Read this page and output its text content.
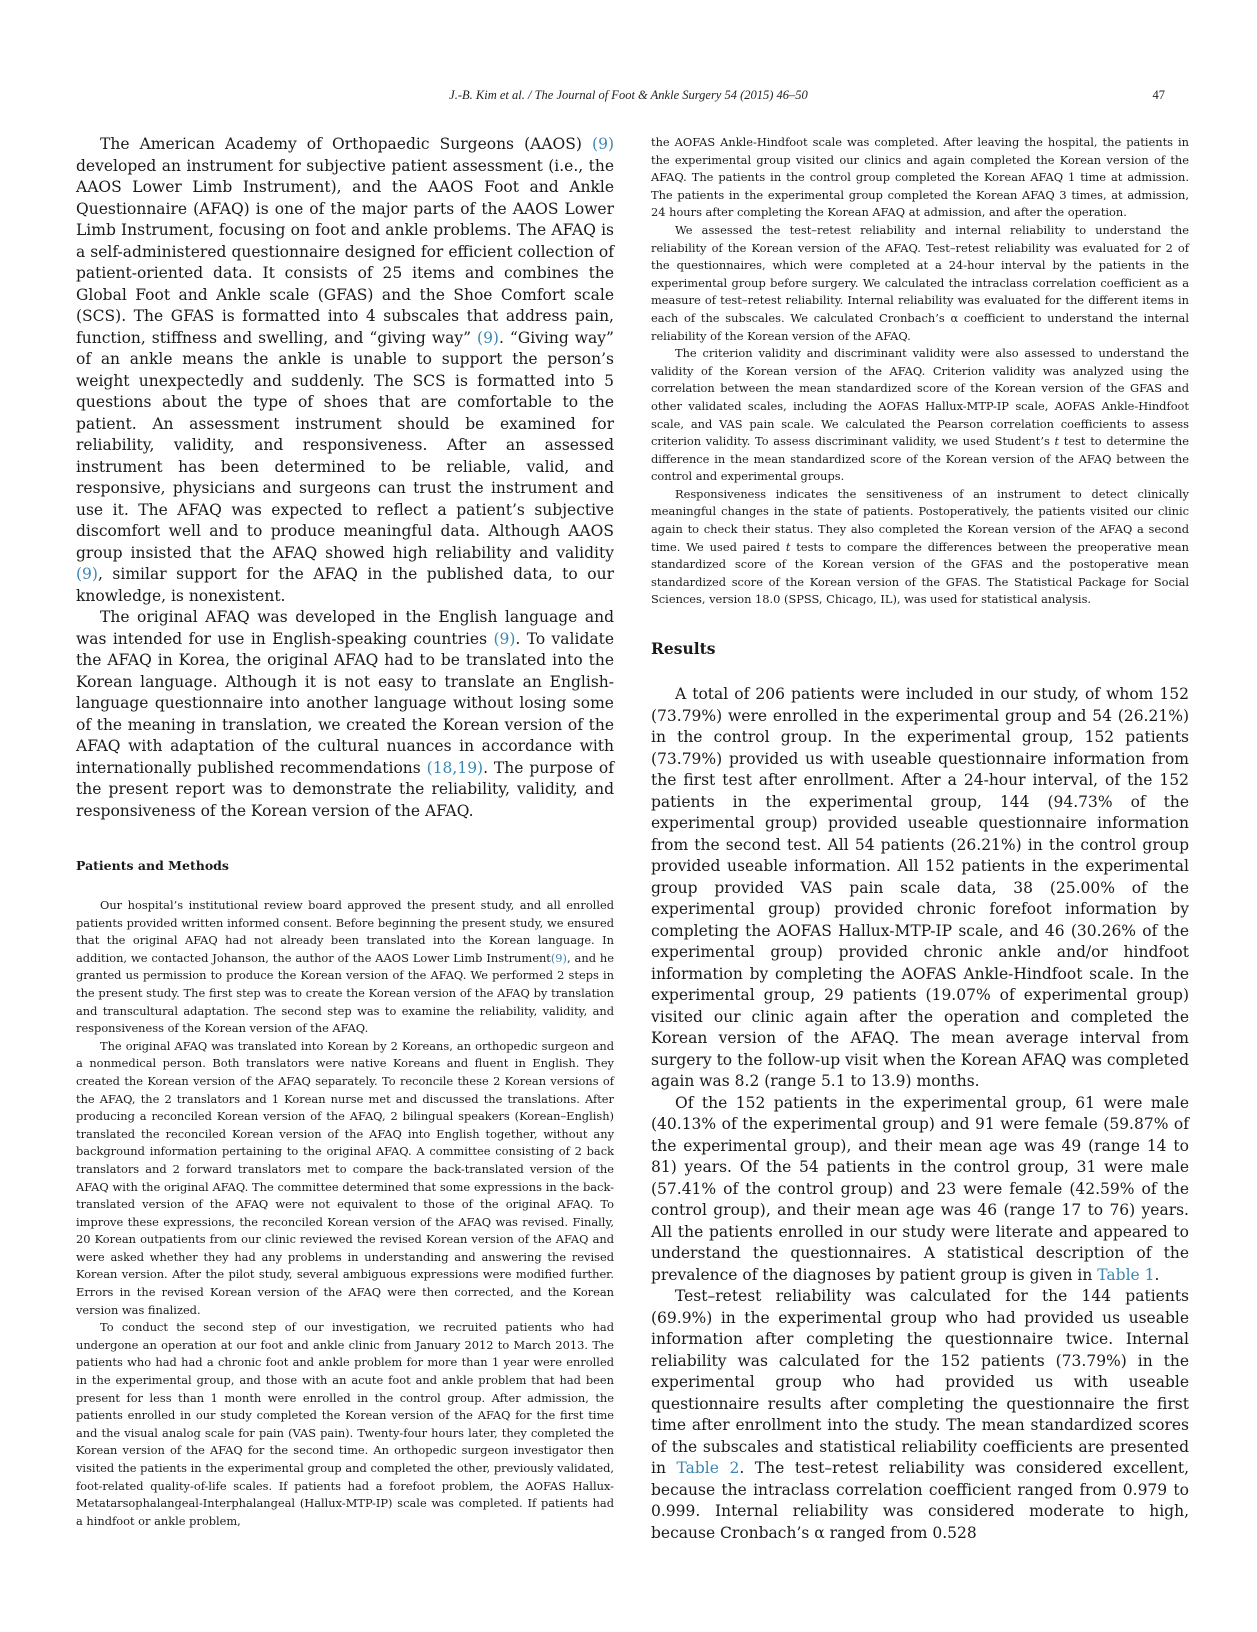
J.-B. Kim et al. / The Journal of Foot & Ankle Surgery 54 (2015) 46–50	47

The American Academy of Orthopaedic Surgeons (AAOS) (9) developed an instrument for subjective patient assessment (i.e., the AAOS Lower Limb Instrument), and the AAOS Foot and Ankle Questionnaire (AFAQ) is one of the major parts of the AAOS Lower Limb Instrument, focusing on foot and ankle problems. The AFAQ is a self-administered questionnaire designed for efficient collection of patient-oriented data. It consists of 25 items and combines the Global Foot and Ankle scale (GFAS) and the Shoe Comfort scale (SCS). The GFAS is formatted into 4 subscales that address pain, function, stiffness and swelling, and “giving way” (9). “Giving way” of an ankle means the ankle is unable to support the person’s weight unexpectedly and suddenly. The SCS is formatted into 5 questions about the type of shoes that are comfortable to the patient. An assessment instrument should be examined for reliability, validity, and responsiveness. After an assessed instrument has been determined to be reliable, valid, and responsive, physicians and surgeons can trust the instrument and use it. The AFAQ was expected to reflect a patient’s subjective discomfort well and to produce meaningful data. Although AAOS group insisted that the AFAQ showed high reliability and validity (9), similar support for the AFAQ in the published data, to our knowledge, is nonexistent.

The original AFAQ was developed in the English language and was intended for use in English-speaking countries (9). To validate the AFAQ in Korea, the original AFAQ had to be translated into the Korean language. Although it is not easy to translate an English-language questionnaire into another language without losing some of the meaning in translation, we created the Korean version of the AFAQ with adaptation of the cultural nuances in accordance with internationally published recommendations (18,19). The purpose of the present report was to demonstrate the reliability, validity, and responsiveness of the Korean version of the AFAQ.

Patients and Methods

Our hospital’s institutional review board approved the present study, and all enrolled patients provided written informed consent. Before beginning the present study, we ensured that the original AFAQ had not already been translated into the Korean language. In addition, we contacted Johanson, the author of the AAOS Lower Limb Instrument(9), and he granted us permission to produce the Korean version of the AFAQ. We performed 2 steps in the present study. The first step was to create the Korean version of the AFAQ by translation and transcultural adaptation. The second step was to examine the reliability, validity, and responsiveness of the Korean version of the AFAQ.

The original AFAQ was translated into Korean by 2 Koreans, an orthopedic surgeon and a nonmedical person. Both translators were native Koreans and fluent in English. They created the Korean version of the AFAQ separately. To reconcile these 2 Korean versions of the AFAQ, the 2 translators and 1 Korean nurse met and discussed the translations. After producing a reconciled Korean version of the AFAQ, 2 bilingual speakers (Korean–English) translated the reconciled Korean version of the AFAQ into English together, without any background information pertaining to the original AFAQ. A committee consisting of 2 back translators and 2 forward translators met to compare the back-translated version of the AFAQ with the original AFAQ. The committee determined that some expressions in the back-translated version of the AFAQ were not equivalent to those of the original AFAQ. To improve these expressions, the reconciled Korean version of the AFAQ was revised. Finally, 20 Korean outpatients from our clinic reviewed the revised Korean version of the AFAQ and were asked whether they had any problems in understanding and answering the revised Korean version. After the pilot study, several ambiguous expressions were modified further. Errors in the revised Korean version of the AFAQ were then corrected, and the Korean version was finalized.

To conduct the second step of our investigation, we recruited patients who had undergone an operation at our foot and ankle clinic from January 2012 to March 2013. The patients who had had a chronic foot and ankle problem for more than 1 year were enrolled in the experimental group, and those with an acute foot and ankle problem that had been present for less than 1 month were enrolled in the control group. After admission, the patients enrolled in our study completed the Korean version of the AFAQ for the first time and the visual analog scale for pain (VAS pain). Twenty-four hours later, they completed the Korean version of the AFAQ for the second time. An orthopedic surgeon investigator then visited the patients in the experimental group and completed the other, previously validated, foot-related quality-of-life scales. If patients had a forefoot problem, the AOFAS Hallux-Metatarsophalangeal-Interphalangeal (Hallux-MTP-IP) scale was completed. If patients had a hindfoot or ankle problem,

the AOFAS Ankle-Hindfoot scale was completed. After leaving the hospital, the patients in the experimental group visited our clinics and again completed the Korean version of the AFAQ. The patients in the control group completed the Korean AFAQ 1 time at admission. The patients in the experimental group completed the Korean AFAQ 3 times, at admission, 24 hours after completing the Korean AFAQ at admission, and after the operation.

We assessed the test–retest reliability and internal reliability to understand the reliability of the Korean version of the AFAQ. Test–retest reliability was evaluated for 2 of the questionnaires, which were completed at a 24-hour interval by the patients in the experimental group before surgery. We calculated the intraclass correlation coefficient as a measure of test–retest reliability. Internal reliability was evaluated for the different items in each of the subscales. We calculated Cronbach’s α coefficient to understand the internal reliability of the Korean version of the AFAQ.

The criterion validity and discriminant validity were also assessed to understand the validity of the Korean version of the AFAQ. Criterion validity was analyzed using the correlation between the mean standardized score of the Korean version of the GFAS and other validated scales, including the AOFAS Hallux-MTP-IP scale, AOFAS Ankle-Hindfoot scale, and VAS pain scale. We calculated the Pearson correlation coefficients to assess criterion validity. To assess discriminant validity, we used Student’s t test to determine the difference in the mean standardized score of the Korean version of the AFAQ between the control and experimental groups.

Responsiveness indicates the sensitiveness of an instrument to detect clinically meaningful changes in the state of patients. Postoperatively, the patients visited our clinic again to check their status. They also completed the Korean version of the AFAQ a second time. We used paired t tests to compare the differences between the preoperative mean standardized score of the Korean version of the GFAS and the postoperative mean standardized score of the Korean version of the GFAS. The Statistical Package for Social Sciences, version 18.0 (SPSS, Chicago, IL), was used for statistical analysis.

Results

A total of 206 patients were included in our study, of whom 152 (73.79%) were enrolled in the experimental group and 54 (26.21%) in the control group. In the experimental group, 152 patients (73.79%) provided us with useable questionnaire information from the first test after enrollment. After a 24-hour interval, of the 152 patients in the experimental group, 144 (94.73% of the experimental group) provided useable questionnaire information from the second test. All 54 patients (26.21%) in the control group provided useable information. All 152 patients in the experimental group provided VAS pain scale data, 38 (25.00% of the experimental group) provided chronic forefoot information by completing the AOFAS Hallux-MTP-IP scale, and 46 (30.26% of the experimental group) provided chronic ankle and/or hindfoot information by completing the AOFAS Ankle-Hindfoot scale. In the experimental group, 29 patients (19.07% of experimental group) visited our clinic again after the operation and completed the Korean version of the AFAQ. The mean average interval from surgery to the follow-up visit when the Korean AFAQ was completed again was 8.2 (range 5.1 to 13.9) months.

Of the 152 patients in the experimental group, 61 were male (40.13% of the experimental group) and 91 were female (59.87% of the experimental group), and their mean age was 49 (range 14 to 81) years. Of the 54 patients in the control group, 31 were male (57.41% of the control group) and 23 were female (42.59% of the control group), and their mean age was 46 (range 17 to 76) years. All the patients enrolled in our study were literate and appeared to understand the questionnaires. A statistical description of the prevalence of the diagnoses by patient group is given in Table 1.

Test–retest reliability was calculated for the 144 patients (69.9%) in the experimental group who had provided us useable information after completing the questionnaire twice. Internal reliability was calculated for the 152 patients (73.79%) in the experimental group who had provided us with useable questionnaire results after completing the questionnaire the first time after enrollment into the study. The mean standardized scores of the subscales and statistical reliability coefficients are presented in Table 2. The test–retest reliability was considered excellent, because the intraclass correlation coefficient ranged from 0.979 to 0.999. Internal reliability was considered moderate to high, because Cronbach’s α ranged from 0.528
